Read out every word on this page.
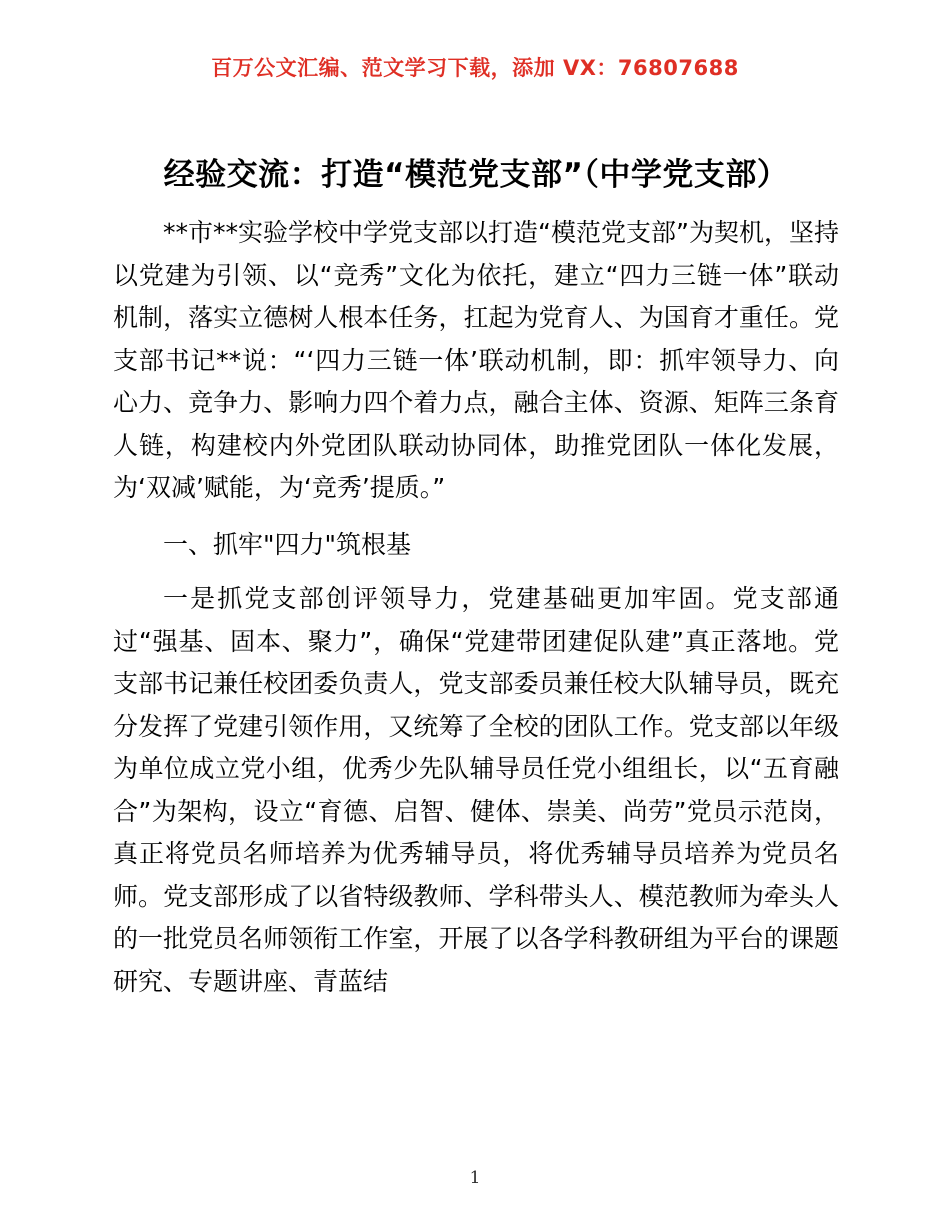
百万公文汇编、范文学习下载，添加 VX：76807688
经验交流：打造“模范党支部”（中学党支部）

**市**实验学校中学党支部以打造“模范党支部”为契机，坚持以党建为引领、以“竞秀”文化为依托，建立“四力三链一体”联动机制，落实立德树人根本任务，扛起为党育人、为国育才重任。党支部书记**说：“‘四力三链一体’联动机制，即：抓牢领导力、向心力、竞争力、影响力四个着力点，融合主体、资源、矩阵三条育人链，构建校内外党团队联动协同体，助推党团队一体化发展，为‘双减’赋能，为‘竞秀’提质。”

一、抓牢"四力"筑根基

一是抓党支部创评领导力，党建基础更加牢固。党支部通过“强基、固本、聚力”，确保“党建带团建促队建”真正落地。党支部书记兼任校团委负责人，党支部委员兼任校大队辅导员，既充分发挥了党建引领作用，又统筹了全校的团队工作。党支部以年级为单位成立党小组，优秀少先队辅导员任党小组组长，以“五育融合”为架构，设立“育德、启智、健体、崇美、尚劳”党员示范岗，真正将党员名师培养为优秀辅导员，将优秀辅导员培养为党员名师。党支部形成了以省特级教师、学科带头人、模范教师为牵头人的一批党员名师领衔工作室，开展了以各学科教研组为平台的课题研究、专题讲座、青蓝结

1
